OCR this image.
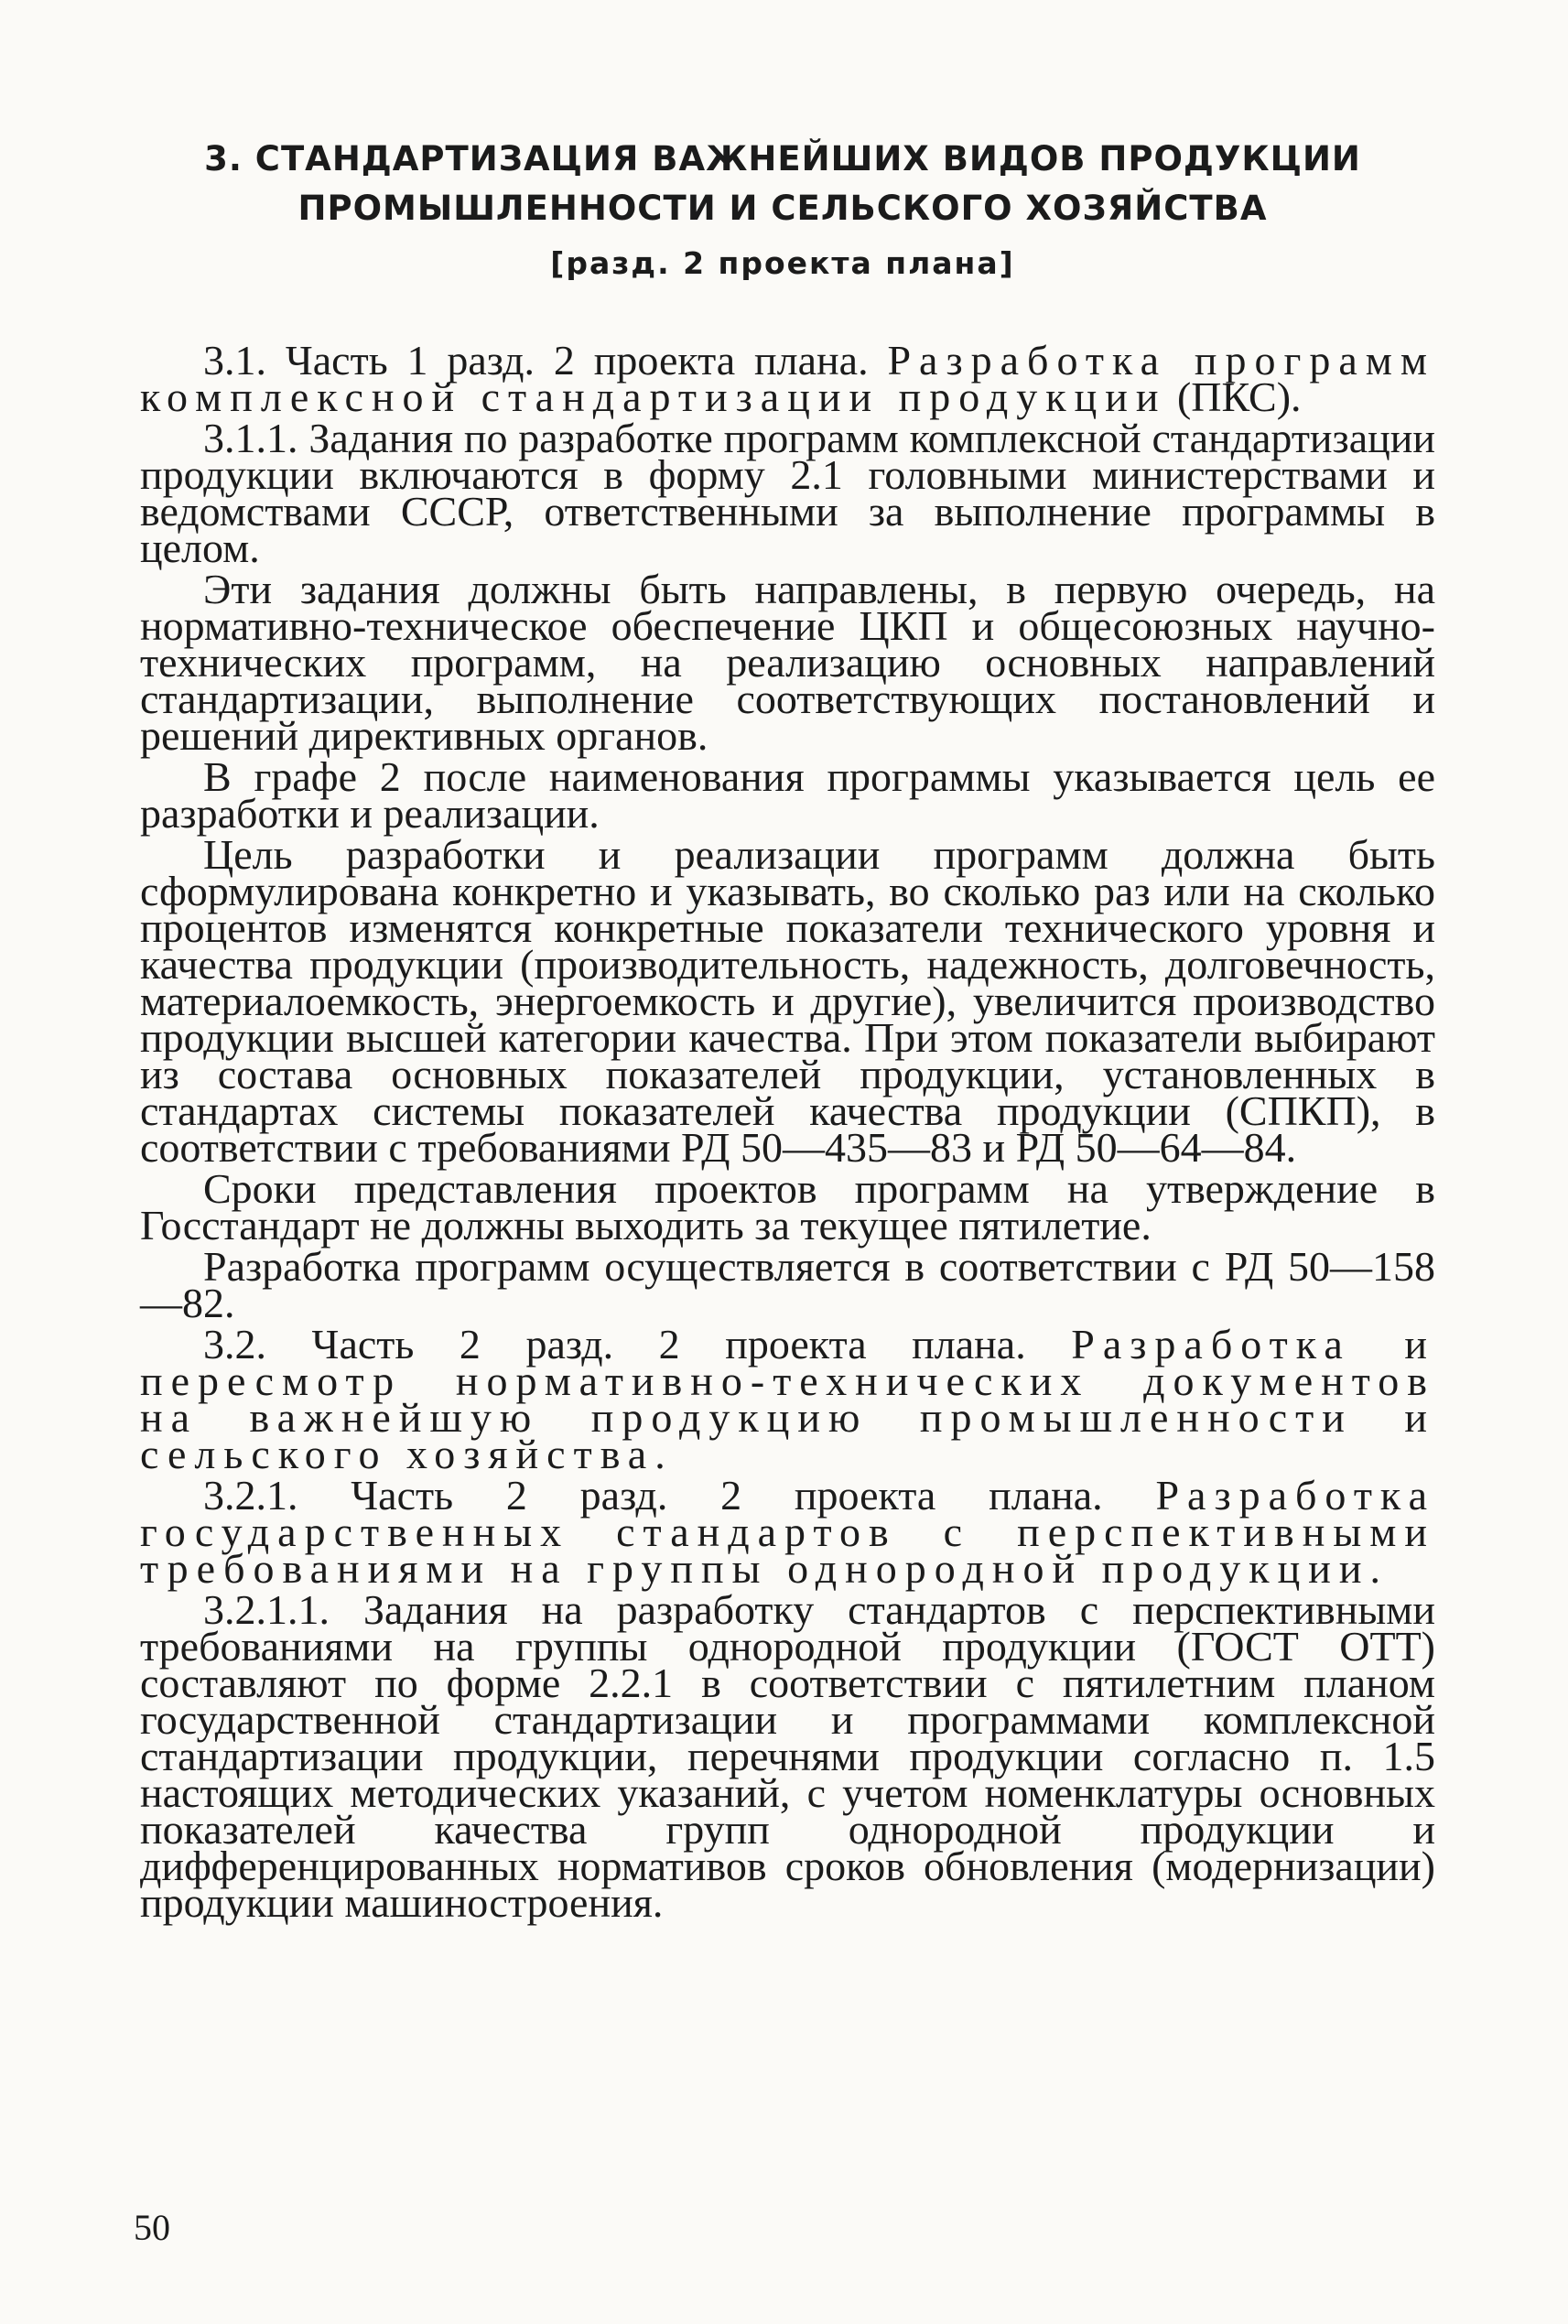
3. СТАНДАРТИЗАЦИЯ ВАЖНЕЙШИХ ВИДОВ ПРОДУКЦИИ
ПРОМЫШЛЕННОСТИ И СЕЛЬСКОГО ХОЗЯЙСТВА
[разд. 2 проекта плана]

3.1. Часть 1 разд. 2 проекта плана. Разработка программ комплексной стандартизации продукции (ПКС).

3.1.1. Задания по разработке программ комплексной стандартизации продукции включаются в форму 2.1 головными министерствами и ведомствами СССР, ответственными за выполнение программы в целом.

Эти задания должны быть направлены, в первую очередь, на нормативно-техническое обеспечение ЦКП и общесоюзных научно-технических программ, на реализацию основных направлений стандартизации, выполнение соответствующих постановлений и решений директивных органов.

В графе 2 после наименования программы указывается цель ее разработки и реализации.

Цель разработки и реализации программ должна быть сформулирована конкретно и указывать, во сколько раз или на сколько процентов изменятся конкретные показатели технического уровня и качества продукции (производительность, надежность, долговечность, материалоемкость, энергоемкость и другие), увеличится производство продукции высшей категории качества. При этом показатели выбирают из состава основных показателей продукции, установленных в стандартах системы показателей качества продукции (СПКП), в соответствии с требованиями РД 50—435—83 и РД 50—64—84.

Сроки представления проектов программ на утверждение в Госстандарт не должны выходить за текущее пятилетие.

Разработка программ осуществляется в соответствии с РД 50—158—82.

3.2. Часть 2 разд. 2 проекта плана. Разработка и пересмотр нормативно-технических документов на важнейшую продукцию промышленности и сельского хозяйства.

3.2.1. Часть 2 разд. 2 проекта плана. Разработка государственных стандартов с перспективными требованиями на группы однородной продукции.

3.2.1.1. Задания на разработку стандартов с перспективными требованиями на группы однородной продукции (ГОСТ ОТТ) составляют по форме 2.2.1 в соответствии с пятилетним планом государственной стандартизации и программами комплексной стандартизации продукции, перечнями продукции согласно п. 1.5 настоящих методических указаний, с учетом номенклатуры основных показателей качества групп однородной продукции и дифференцированных нормативов сроков обновления (модернизации) продукции машиностроения.

50
